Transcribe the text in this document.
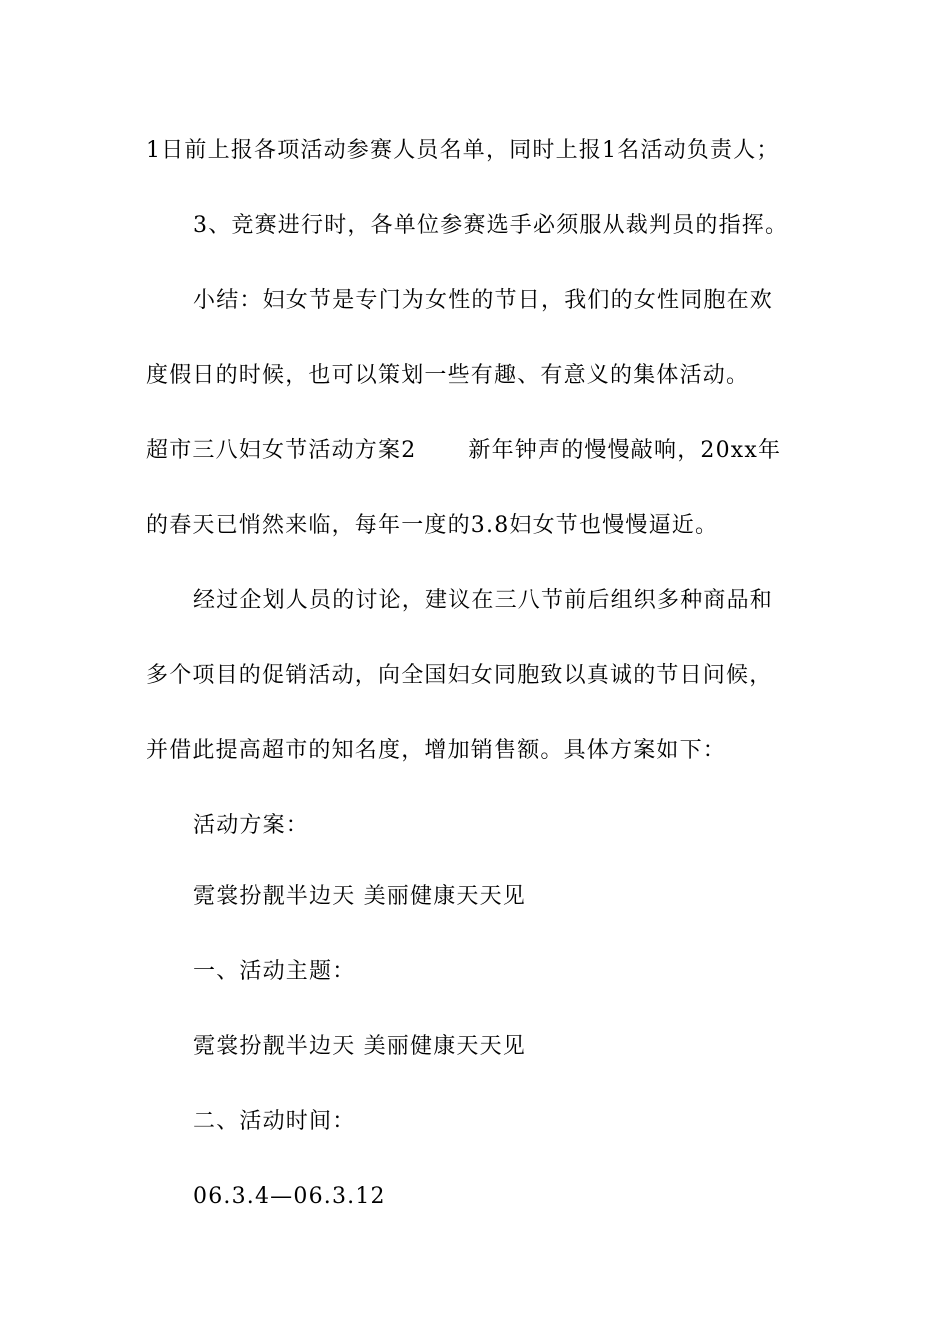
1日前上报各项活动参赛人员名单，同时上报1名活动负责人；
3、竞赛进行时，各单位参赛选手必须服从裁判员的指挥。
小结：妇女节是专门为女性的节日，我们的女性同胞在欢
度假日的时候，也可以策划一些有趣、有意义的集体活动。
超市三八妇女节活动方案2 新年钟声的慢慢敲响，20xx年
的春天已悄然来临，每年一度的3.8妇女节也慢慢逼近。
经过企划人员的讨论，建议在三八节前后组织多种商品和
多个项目的促销活动，向全国妇女同胞致以真诚的节日问候，
并借此提高超市的知名度，增加销售额。具体方案如下：
活动方案：
霓裳扮靓半边天 美丽健康天天见
一、活动主题：
霓裳扮靓半边天 美丽健康天天见
二、活动时间：
06.3.4—06.3.12
